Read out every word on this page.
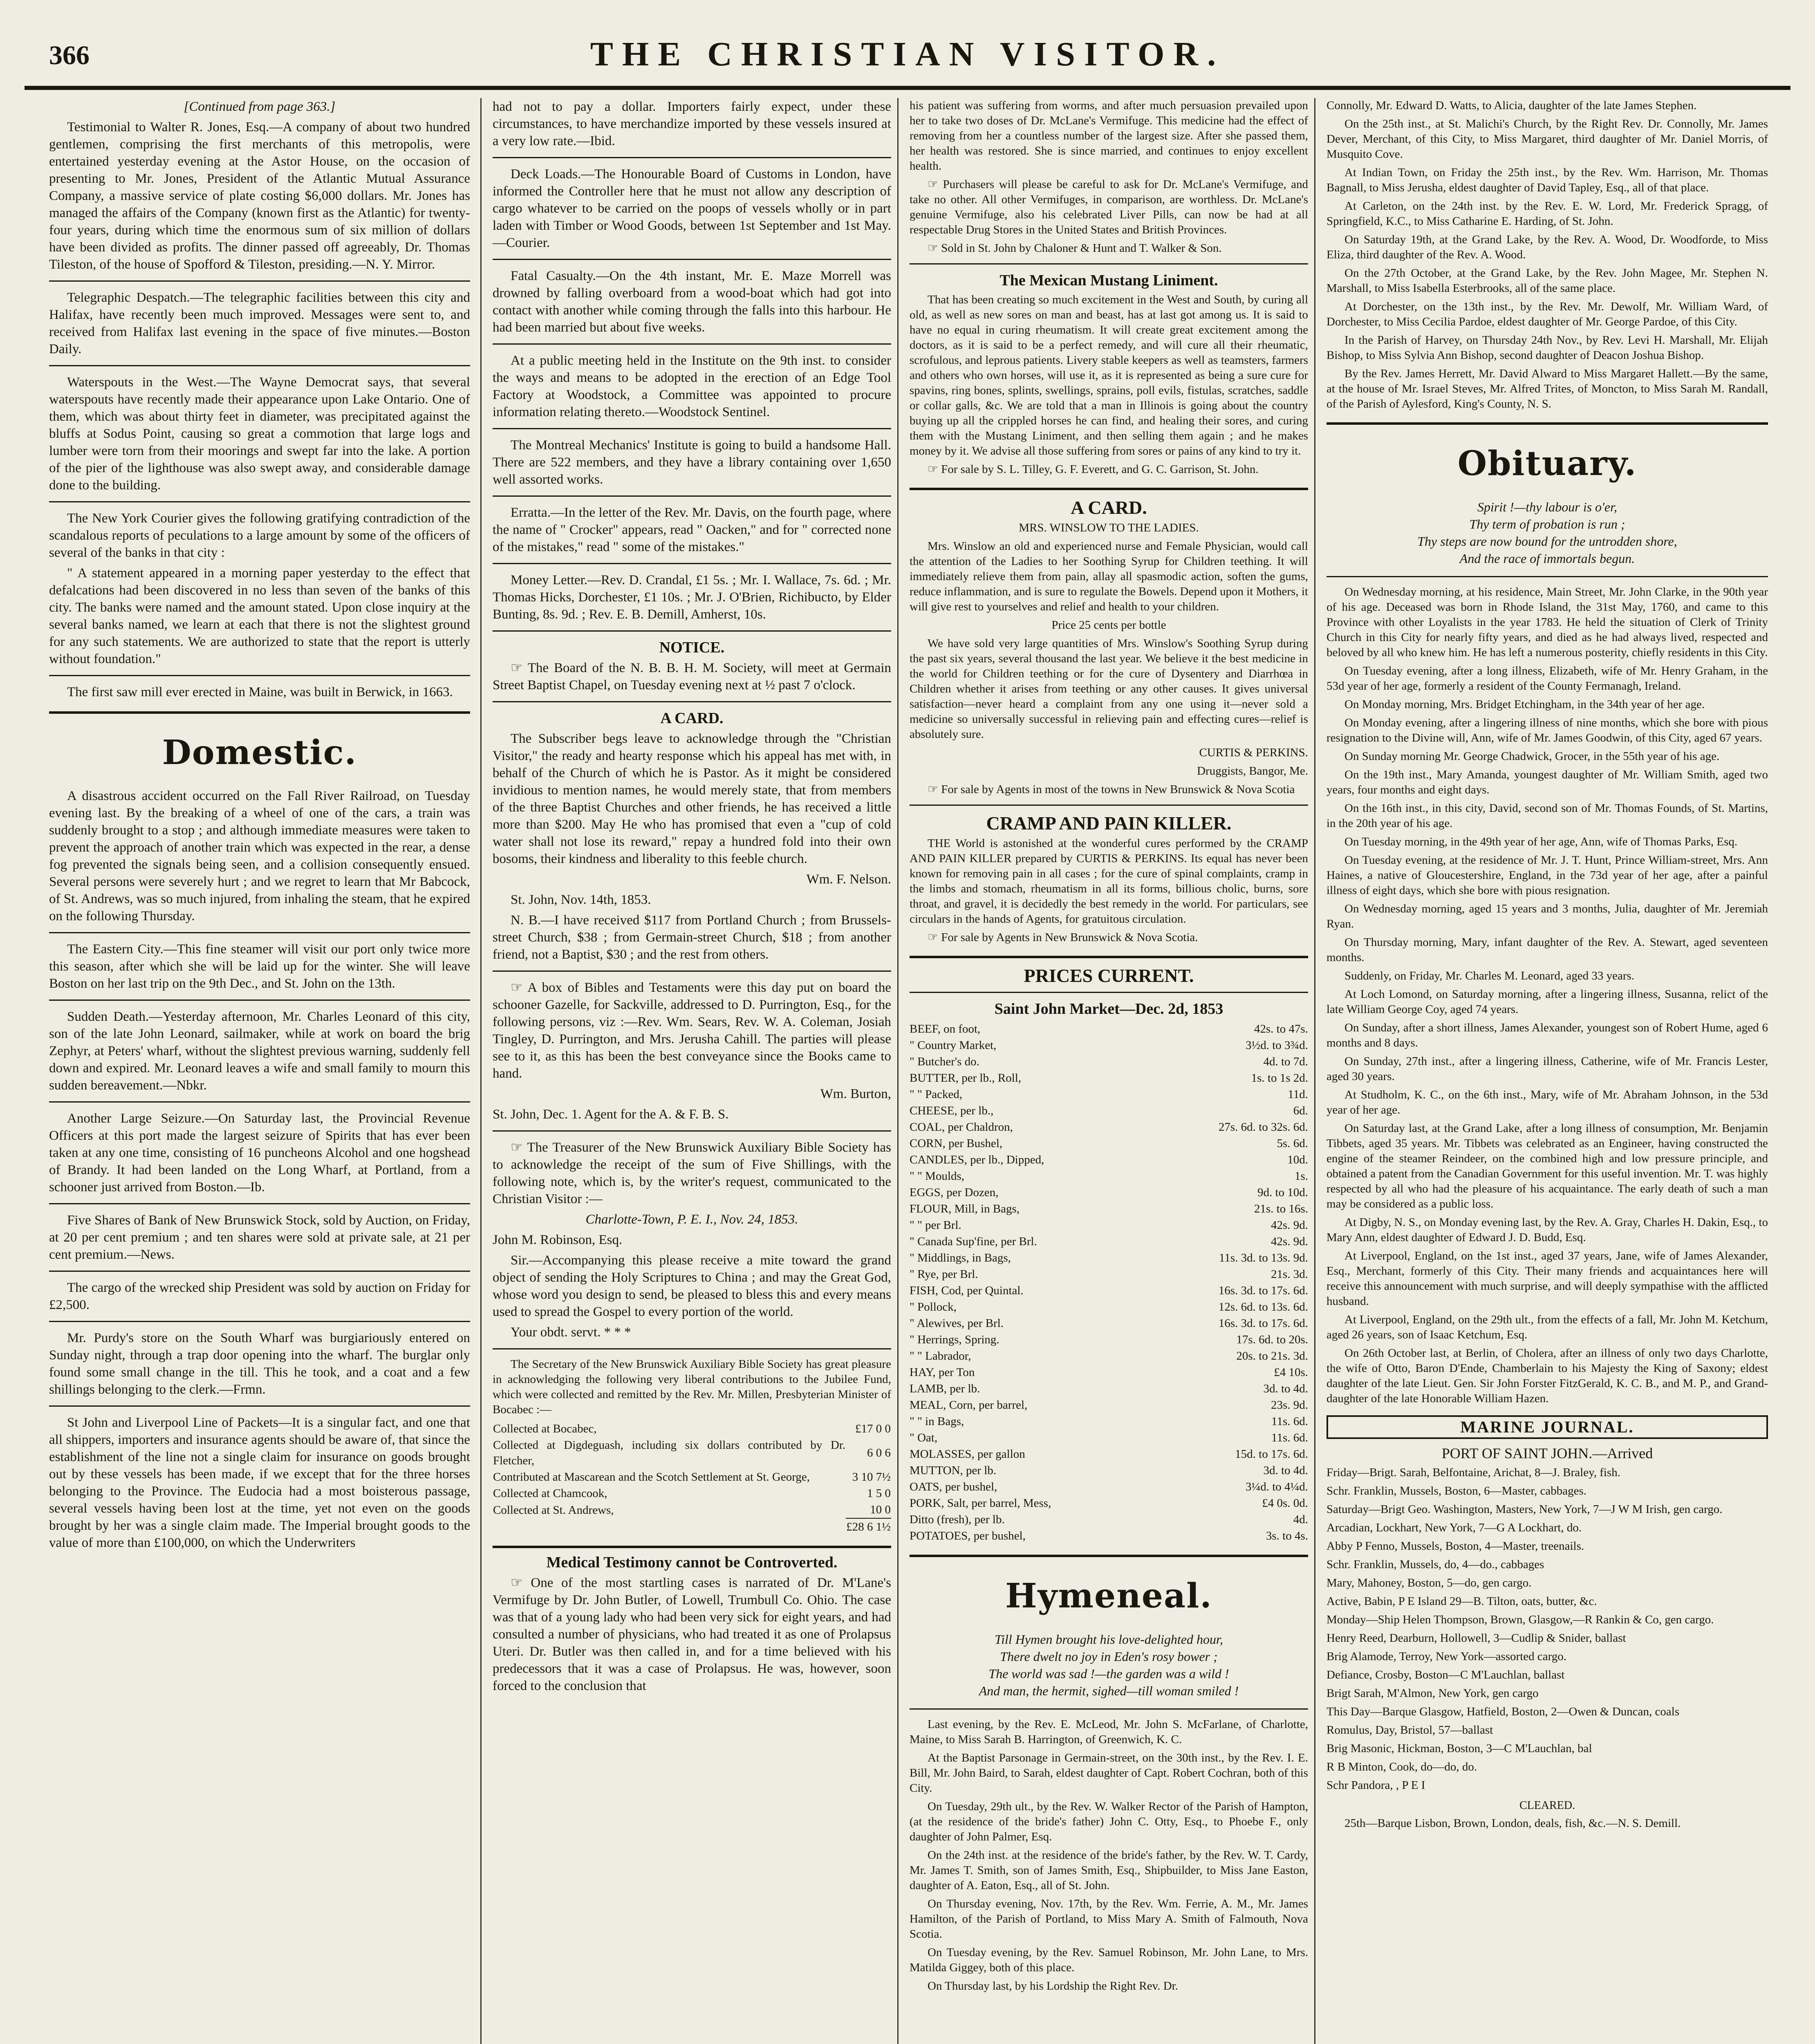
366	THE CHRISTIAN VISITOR.

[Continued from page 363.]

Testimonial to Walter R. Jones, Esq.—A company of about two hundred gentlemen, comprising the first merchants of this metropolis, were entertained yesterday evening at the Astor House, on the occasion of presenting to Mr. Jones, President of the Atlantic Mutual Assurance Company, a massive service of plate costing $6,000 dollars. Mr. Jones has managed the affairs of the Company (known first as the Atlantic) for twenty-four years, during which time the enormous sum of six million of dollars have been divided as profits. The dinner passed off agreeably, Dr. Thomas Tileston, of the house of Spofford & Tileston, presiding.—N. Y. Mirror.

Telegraphic Despatch.—The telegraphic facilities between this city and Halifax, have recently been much improved. Messages were sent to, and received from Halifax last evening in the space of five minutes.—Boston Daily.

Waterspouts in the West.—The Wayne Democrat says, that several waterspouts have recently made their appearance upon Lake Ontario. One of them, which was about thirty feet in diameter, was precipitated against the bluffs at Sodus Point, causing so great a commotion that large logs and lumber were torn from their moorings and swept far into the lake. A portion of the pier of the lighthouse was also swept away, and considerable damage done to the building.

The New York Courier gives the following gratifying contradiction of the scandalous reports of peculations to a large amount by some of the officers of several of the banks in that city :

" A statement appeared in a morning paper yesterday to the effect that defalcations had been discovered in no less than seven of the banks of this city. The banks were named and the amount stated. Upon close inquiry at the several banks named, we learn at each that there is not the slightest ground for any such statements. We are authorized to state that the report is utterly without foundation."

The first saw mill ever erected in Maine, was built in Berwick, in 1663.

Domestic.

A disastrous accident occurred on the Fall River Railroad, on Tuesday evening last. By the breaking of a wheel of one of the cars, a train was suddenly brought to a stop ; and although immediate measures were taken to prevent the approach of another train which was expected in the rear, a dense fog prevented the signals being seen, and a collision consequently ensued. Several persons were severely hurt ; and we regret to learn that Mr Babcock, of St. Andrews, was so much injured, from inhaling the steam, that he expired on the following Thursday.

The Eastern City.—This fine steamer will visit our port only twice more this season, after which she will be laid up for the winter. She will leave Boston on her last trip on the 9th Dec., and St. John on the 13th.

Sudden Death.—Yesterday afternoon, Mr. Charles Leonard of this city, son of the late John Leonard, sailmaker, while at work on board the brig Zephyr, at Peters' wharf, without the slightest previous warning, suddenly fell down and expired. Mr. Leonard leaves a wife and small family to mourn this sudden bereavement.—Nbkr.

Another Large Seizure.—On Saturday last, the Provincial Revenue Officers at this port made the largest seizure of Spirits that has ever been taken at any one time, consisting of 16 puncheons Alcohol and one hogshead of Brandy. It had been landed on the Long Wharf, at Portland, from a schooner just arrived from Boston.—Ib.

Five Shares of Bank of New Brunswick Stock, sold by Auction, on Friday, at 20 per cent premium ; and ten shares were sold at private sale, at 21 per cent premium.—News.

The cargo of the wrecked ship President was sold by auction on Friday for £2,500.

Mr. Purdy's store on the South Wharf was burgiariously entered on Sunday night, through a trap door opening into the wharf. The burglar only found some small change in the till. This he took, and a coat and a few shillings belonging to the clerk.—Frmn.

St John and Liverpool Line of Packets—It is a singular fact, and one that all shippers, importers and insurance agents should be aware of, that since the establishment of the line not a single claim for insurance on goods brought out by these vessels has been made, if we except that for the three horses belonging to the Province. The Eudocia had a most boisterous passage, several vessels having been lost at the time, yet not even on the goods brought by her was a single claim made. The Imperial brought goods to the value of more than £100,000, on which the Underwriters

had not to pay a dollar. Importers fairly expect, under these circumstances, to have merchandize imported by these vessels insured at a very low rate.—Ibid.

Deck Loads.—The Honourable Board of Customs in London, have informed the Controller here that he must not allow any description of cargo whatever to be carried on the poops of vessels wholly or in part laden with Timber or Wood Goods, between 1st September and 1st May.—Courier.

Fatal Casualty.—On the 4th instant, Mr. E. Maze Morrell was drowned by falling overboard from a wood-boat which had got into contact with another while coming through the falls into this harbour. He had been married but about five weeks.

At a public meeting held in the Institute on the 9th inst. to consider the ways and means to be adopted in the erection of an Edge Tool Factory at Woodstock, a Committee was appointed to procure information relating thereto.—Woodstock Sentinel.

The Montreal Mechanics' Institute is going to build a handsome Hall. There are 522 members, and they have a library containing over 1,650 well assorted works.

Erratta.—In the letter of the Rev. Mr. Davis, on the fourth page, where the name of " Crocker" appears, read " Oacken," and for " corrected none of the mistakes," read " some of the mistakes."

Money Letter.—Rev. D. Crandal, £1 5s. ; Mr. I. Wallace, 7s. 6d. ; Mr. Thomas Hicks, Dorchester, £1 10s. ; Mr. J. O'Brien, Richibucto, by Elder Bunting, 8s. 9d. ; Rev. E. B. Demill, Amherst, 10s.

NOTICE.

☞ The Board of the N. B. B. H. M. Society, will meet at Germain Street Baptist Chapel, on Tuesday evening next at ½ past 7 o'clock.

A CARD.

The Subscriber begs leave to acknowledge through the "Christian Visitor," the ready and hearty response which his appeal has met with, in behalf of the Church of which he is Pastor. As it might be considered invidious to mention names, he would merely state, that from members of the three Baptist Churches and other friends, he has received a little more than $200. May He who has promised that even a "cup of cold water shall not lose its reward," repay a hundred fold into their own bosoms, their kindness and liberality to this feeble church.

Wm. F. Nelson.

St. John, Nov. 14th, 1853.

N. B.—I have received $117 from Portland Church ; from Brussels-street Church, $38 ; from Germain-street Church, $18 ; from another friend, not a Baptist, $30 ; and the rest from others.

☞ A box of Bibles and Testaments were this day put on board the schooner Gazelle, for Sackville, addressed to D. Purrington, Esq., for the following persons, viz :—Rev. Wm. Sears, Rev. W. A. Coleman, Josiah Tingley, D. Purrington, and Mrs. Jerusha Cahill. The parties will please see to it, as this has been the best conveyance since the Books came to hand.

Wm. Burton,

St. John, Dec. 1. Agent for the A. & F. B. S.

☞ The Treasurer of the New Brunswick Auxiliary Bible Society has to acknowledge the receipt of the sum of Five Shillings, with the following note, which is, by the writer's request, communicated to the Christian Visitor :—

Charlotte-Town, P. E. I., Nov. 24, 1853.

John M. Robinson, Esq.

Sir.—Accompanying this please receive a mite toward the grand object of sending the Holy Scriptures to China ; and may the Great God, whose word you design to send, be pleased to bless this and every means used to spread the Gospel to every portion of the world.

Your obdt. servt. * * *

The Secretary of the New Brunswick Auxiliary Bible Society has great pleasure in acknowledging the following very liberal contributions to the Jubilee Fund, which were collected and remitted by the Rev. Mr. Millen, Presbyterian Minister of Bocabec :—

Collected at Bocabec,	£17 0 0
Collected at Digdeguash, including six dollars contributed by Dr. Fletcher,	6 0 6
Contributed at Mascarean and the Scotch Settlement at St. George,	3 10 7½
Collected at Chamcook,	1 5 0
Collected at St. Andrews,	10 0
	£28 6 1½
Medical Testimony cannot be Controverted.

☞ One of the most startling cases is narrated of Dr. M'Lane's Vermifuge by Dr. John Butler, of Lowell, Trumbull Co. Ohio. The case was that of a young lady who had been very sick for eight years, and had consulted a number of physicians, who had treated it as one of Prolapsus Uteri. Dr. Butler was then called in, and for a time believed with his predecessors that it was a case of Prolapsus. He was, however, soon forced to the conclusion that

his patient was suffering from worms, and after much persuasion prevailed upon her to take two doses of Dr. McLane's Vermifuge. This medicine had the effect of removing from her a countless number of the largest size. After she passed them, her health was restored. She is since married, and continues to enjoy excellent health.

☞ Purchasers will please be careful to ask for Dr. McLane's Vermifuge, and take no other. All other Vermifuges, in comparison, are worthless. Dr. McLane's genuine Vermifuge, also his celebrated Liver Pills, can now be had at all respectable Drug Stores in the United States and British Provinces.

☞ Sold in St. John by Chaloner & Hunt and T. Walker & Son.

The Mexican Mustang Liniment.

That has been creating so much excitement in the West and South, by curing all old, as well as new sores on man and beast, has at last got among us. It is said to have no equal in curing rheumatism. It will create great excitement among the doctors, as it is said to be a perfect remedy, and will cure all their rheumatic, scrofulous, and leprous patients. Livery stable keepers as well as teamsters, farmers and others who own horses, will use it, as it is represented as being a sure cure for spavins, ring bones, splints, swellings, sprains, poll evils, fistulas, scratches, saddle or collar galls, &c. We are told that a man in Illinois is going about the country buying up all the crippled horses he can find, and healing their sores, and curing them with the Mustang Liniment, and then selling them again ; and he makes money by it. We advise all those suffering from sores or pains of any kind to try it.

☞ For sale by S. L. Tilley, G. F. Everett, and G. C. Garrison, St. John.

A CARD.

MRS. WINSLOW TO THE LADIES.

Mrs. Winslow an old and experienced nurse and Female Physician, would call the attention of the Ladies to her Soothing Syrup for Children teething. It will immediately relieve them from pain, allay all spasmodic action, soften the gums, reduce inflammation, and is sure to regulate the Bowels. Depend upon it Mothers, it will give rest to yourselves and relief and health to your children.

Price 25 cents per bottle

We have sold very large quantities of Mrs. Winslow's Soothing Syrup during the past six years, several thousand the last year. We believe it the best medicine in the world for Children teething or for the cure of Dysentery and Diarrhœa in Children whether it arises from teething or any other causes. It gives universal satisfaction—never heard a complaint from any one using it—never sold a medicine so universally successful in relieving pain and effecting cures—relief is absolutely sure.

CURTIS & PERKINS.

Druggists, Bangor, Me.

☞ For sale by Agents in most of the towns in New Brunswick & Nova Scotia

CRAMP AND PAIN KILLER.

THE World is astonished at the wonderful cures performed by the CRAMP AND PAIN KILLER prepared by CURTIS & PERKINS. Its equal has never been known for removing pain in all cases ; for the cure of spinal complaints, cramp in the limbs and stomach, rheumatism in all its forms, billious cholic, burns, sore throat, and gravel, it is decidedly the best remedy in the world. For particulars, see circulars in the hands of Agents, for gratuitous circulation.

☞ For sale by Agents in New Brunswick & Nova Scotia.

PRICES CURRENT.
Saint John Market—Dec. 2d, 1853
BEEF, on foot,	42s. to 47s.
" Country Market,	3½d. to 3¾d.
" Butcher's do.	4d. to 7d.
BUTTER, per lb., Roll,	1s. to 1s 2d.
" " Packed,	11d.
CHEESE, per lb.,	6d.
COAL, per Chaldron,	27s. 6d. to 32s. 6d.
CORN, per Bushel,	5s. 6d.
CANDLES, per lb., Dipped,	10d.
" " Moulds,	1s.
EGGS, per Dozen,	9d. to 10d.
FLOUR, Mill, in Bags,	21s. to 16s.
" " per Brl.	42s. 9d.
" Canada Sup'fine, per Brl.	42s. 9d.
" Middlings, in Bags,	11s. 3d. to 13s. 9d.
" Rye, per Brl.	21s. 3d.
FISH, Cod, per Quintal.	16s. 3d. to 17s. 6d.
" Pollock,	12s. 6d. to 13s. 6d.
" Alewives, per Brl.	16s. 3d. to 17s. 6d.
" Herrings, Spring.	17s. 6d. to 20s.
" " Labrador,	20s. to 21s. 3d.
HAY, per Ton	£4 10s.
LAMB, per lb.	3d. to 4d.
MEAL, Corn, per barrel,	23s. 9d.
" " in Bags,	11s. 6d.
" Oat,	11s. 6d.
MOLASSES, per gallon	15d. to 17s. 6d.
MUTTON, per lb.	3d. to 4d.
OATS, per bushel,	3¼d. to 4¼d.
PORK, Salt, per barrel, Mess,	£4 0s. 0d.
Ditto (fresh), per lb.	4d.
POTATOES, per bushel,	3s. to 4s.
Hymeneal.
Till Hymen brought his love-delighted hour,
There dwelt no joy in Eden's rosy bower ;
The world was sad !—the garden was a wild !
And man, the hermit, sighed—till woman smiled !

Last evening, by the Rev. E. McLeod, Mr. John S. McFarlane, of Charlotte, Maine, to Miss Sarah B. Harrington, of Greenwich, K. C.

At the Baptist Parsonage in Germain-street, on the 30th inst., by the Rev. I. E. Bill, Mr. John Baird, to Sarah, eldest daughter of Capt. Robert Cochran, both of this City.

On Tuesday, 29th ult., by the Rev. W. Walker Rector of the Parish of Hampton, (at the residence of the bride's father) John C. Otty, Esq., to Phoebe F., only daughter of John Palmer, Esq.

On the 24th inst. at the residence of the bride's father, by the Rev. W. T. Cardy, Mr. James T. Smith, son of James Smith, Esq., Shipbuilder, to Miss Jane Easton, daughter of A. Eaton, Esq., all of St. John.

On Thursday evening, Nov. 17th, by the Rev. Wm. Ferrie, A. M., Mr. James Hamilton, of the Parish of Portland, to Miss Mary A. Smith of Falmouth, Nova Scotia.

On Tuesday evening, by the Rev. Samuel Robinson, Mr. John Lane, to Mrs. Matilda Giggey, both of this place.

On Thursday last, by his Lordship the Right Rev. Dr.

Connolly, Mr. Edward D. Watts, to Alicia, daughter of the late James Stephen.

On the 25th inst., at St. Malichi's Church, by the Right Rev. Dr. Connolly, Mr. James Dever, Merchant, of this City, to Miss Margaret, third daughter of Mr. Daniel Morris, of Musquito Cove.

At Indian Town, on Friday the 25th inst., by the Rev. Wm. Harrison, Mr. Thomas Bagnall, to Miss Jerusha, eldest daughter of David Tapley, Esq., all of that place.

At Carleton, on the 24th inst. by the Rev. E. W. Lord, Mr. Frederick Spragg, of Springfield, K.C., to Miss Catharine E. Harding, of St. John.

On Saturday 19th, at the Grand Lake, by the Rev. A. Wood, Dr. Woodforde, to Miss Eliza, third daughter of the Rev. A. Wood.

On the 27th October, at the Grand Lake, by the Rev. John Magee, Mr. Stephen N. Marshall, to Miss Isabella Esterbrooks, all of the same place.

At Dorchester, on the 13th inst., by the Rev. Mr. Dewolf, Mr. William Ward, of Dorchester, to Miss Cecilia Pardoe, eldest daughter of Mr. George Pardoe, of this City.

In the Parish of Harvey, on Thursday 24th Nov., by Rev. Levi H. Marshall, Mr. Elijah Bishop, to Miss Sylvia Ann Bishop, second daughter of Deacon Joshua Bishop.

By the Rev. James Herrett, Mr. David Alward to Miss Margaret Hallett.—By the same, at the house of Mr. Israel Steves, Mr. Alfred Trites, of Moncton, to Miss Sarah M. Randall, of the Parish of Aylesford, King's County, N. S.

Obituary.
Spirit !—thy labour is o'er,
Thy term of probation is run ;
Thy steps are now bound for the untrodden shore,
And the race of immortals begun.

On Wednesday morning, at his residence, Main Street, Mr. John Clarke, in the 90th year of his age. Deceased was born in Rhode Island, the 31st May, 1760, and came to this Province with other Loyalists in the year 1783. He held the situation of Clerk of Trinity Church in this City for nearly fifty years, and died as he had always lived, respected and beloved by all who knew him. He has left a numerous posterity, chiefly residents in this City.

On Tuesday evening, after a long illness, Elizabeth, wife of Mr. Henry Graham, in the 53d year of her age, formerly a resident of the County Fermanagh, Ireland.

On Monday morning, Mrs. Bridget Etchingham, in the 34th year of her age.

On Monday evening, after a lingering illness of nine months, which she bore with pious resignation to the Divine will, Ann, wife of Mr. James Goodwin, of this City, aged 67 years.

On Sunday morning Mr. George Chadwick, Grocer, in the 55th year of his age.

On the 19th inst., Mary Amanda, youngest daughter of Mr. William Smith, aged two years, four months and eight days.

On the 16th inst., in this city, David, second son of Mr. Thomas Founds, of St. Martins, in the 20th year of his age.

On Tuesday morning, in the 49th year of her age, Ann, wife of Thomas Parks, Esq.

On Tuesday evening, at the residence of Mr. J. T. Hunt, Prince William-street, Mrs. Ann Haines, a native of Gloucestershire, England, in the 73d year of her age, after a painful illness of eight days, which she bore with pious resignation.

On Wednesday morning, aged 15 years and 3 months, Julia, daughter of Mr. Jeremiah Ryan.

On Thursday morning, Mary, infant daughter of the Rev. A. Stewart, aged seventeen months.

Suddenly, on Friday, Mr. Charles M. Leonard, aged 33 years.

At Loch Lomond, on Saturday morning, after a lingering illness, Susanna, relict of the late William George Coy, aged 74 years.

On Sunday, after a short illness, James Alexander, youngest son of Robert Hume, aged 6 months and 8 days.

On Sunday, 27th inst., after a lingering illness, Catherine, wife of Mr. Francis Lester, aged 30 years.

At Studholm, K. C., on the 6th inst., Mary, wife of Mr. Abraham Johnson, in the 53d year of her age.

On Saturday last, at the Grand Lake, after a long illness of consumption, Mr. Benjamin Tibbets, aged 35 years. Mr. Tibbets was celebrated as an Engineer, having constructed the engine of the steamer Reindeer, on the combined high and low pressure principle, and obtained a patent from the Canadian Government for this useful invention. Mr. T. was highly respected by all who had the pleasure of his acquaintance. The early death of such a man may be considered as a public loss.

At Digby, N. S., on Monday evening last, by the Rev. A. Gray, Charles H. Dakin, Esq., to Mary Ann, eldest daughter of Edward J. D. Budd, Esq.

At Liverpool, England, on the 1st inst., aged 37 years, Jane, wife of James Alexander, Esq., Merchant, formerly of this City. Their many friends and acquaintances here will receive this announcement with much surprise, and will deeply sympathise with the afflicted husband.

At Liverpool, England, on the 29th ult., from the effects of a fall, Mr. John M. Ketchum, aged 26 years, son of Isaac Ketchum, Esq.

On 26th October last, at Berlin, of Cholera, after an illness of only two days Charlotte, the wife of Otto, Baron D'Ende, Chamberlain to his Majesty the King of Saxony; eldest daughter of the late Lieut. Gen. Sir John Forster FitzGerald, K. C. B., and M. P., and Grand-daughter of the late Honorable William Hazen.

MARINE JOURNAL.

PORT OF SAINT JOHN.—Arrived

Friday—Brigt. Sarah, Belfontaine, Arichat, 8—J. Braley, fish.

Schr. Franklin, Mussels, Boston, 6—Master, cabbages.

Saturday—Brigt Geo. Washington, Masters, New York, 7—J W M Irish, gen cargo.

Arcadian, Lockhart, New York, 7—G A Lockhart, do.

Abby P Fenno, Mussels, Boston, 4—Master, treenails.

Schr. Franklin, Mussels, do, 4—do., cabbages

Mary, Mahoney, Boston, 5—do, gen cargo.

Active, Babin, P E Island 29—B. Tilton, oats, butter, &c.

Monday—Ship Helen Thompson, Brown, Glasgow,—R Rankin & Co, gen cargo.

Henry Reed, Dearburn, Hollowell, 3—Cudlip & Snider, ballast

Brig Alamode, Terroy, New York—assorted cargo.

Defiance, Crosby, Boston—C M'Lauchlan, ballast

Brigt Sarah, M'Almon, New York, gen cargo

This Day—Barque Glasgow, Hatfield, Boston, 2—Owen & Duncan, coals

Romulus, Day, Bristol, 57—ballast

Brig Masonic, Hickman, Boston, 3—C M'Lauchlan, bal

R B Minton, Cook, do—do, do.

Schr Pandora, , P E I

CLEARED.

25th—Barque Lisbon, Brown, London, deals, fish, &c.—N. S. Demill.
